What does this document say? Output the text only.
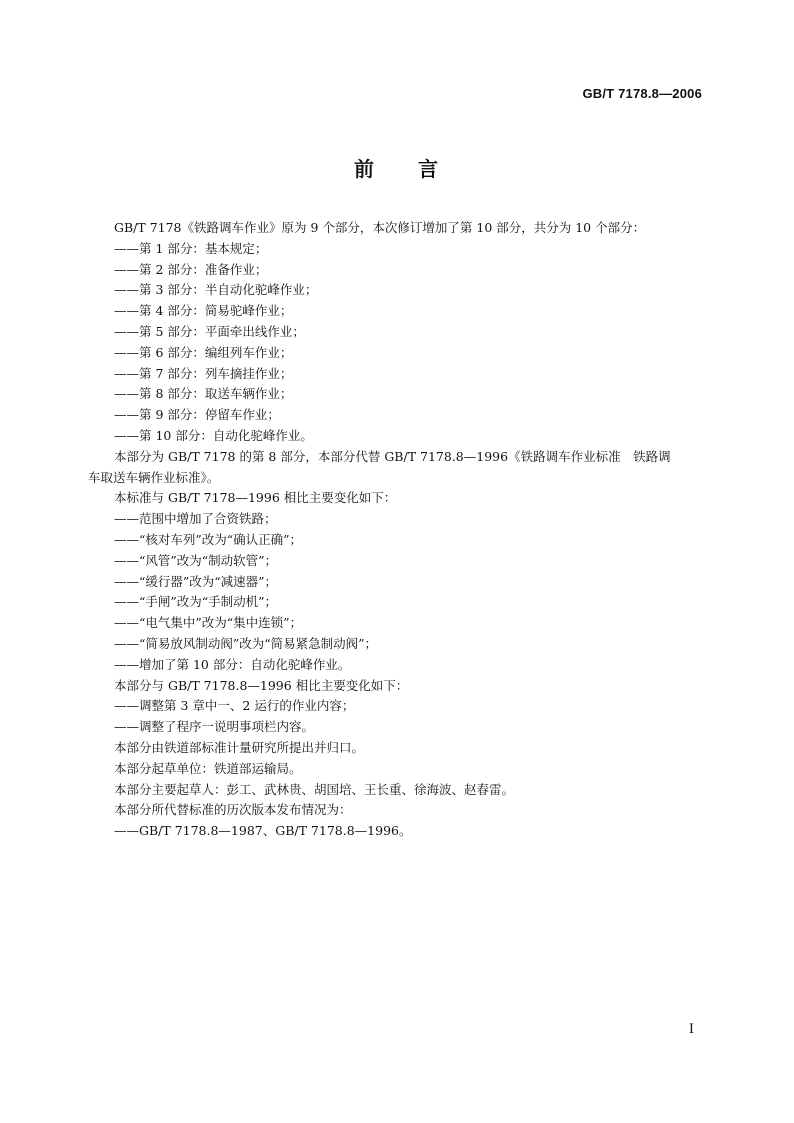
GB/T 7178.8—2006
前 言
GB/T 7178《铁路调车作业》原为 9 个部分，本次修订增加了第 10 部分，共分为 10 个部分：
——第 1 部分：基本规定；
——第 2 部分：准备作业；
——第 3 部分：半自动化驼峰作业；
——第 4 部分：简易驼峰作业；
——第 5 部分：平面牵出线作业；
——第 6 部分：编组列车作业；
——第 7 部分：列车摘挂作业；
——第 8 部分：取送车辆作业；
——第 9 部分：停留车作业；
——第 10 部分：自动化驼峰作业。
本部分为 GB/T 7178 的第 8 部分，本部分代替 GB/T 7178.8—1996《铁路调车作业标准　铁路调
车取送车辆作业标准》。
本标准与 GB/T 7178—1996 相比主要变化如下：
——范围中增加了合资铁路；
——“核对车列”改为“确认正确”；
——“风管”改为“制动软管”；
——“缓行器”改为“减速器”；
——“手闸”改为“手制动机”；
——“电气集中”改为“集中连锁”；
——“简易放风制动阀”改为“简易紧急制动阀”；
——增加了第 10 部分：自动化驼峰作业。
本部分与 GB/T 7178.8—1996 相比主要变化如下：
——调整第 3 章中一、2 运行的作业内容；
——调整了程序一说明事项栏内容。
本部分由铁道部标准计量研究所提出并归口。
本部分起草单位：铁道部运输局。
本部分主要起草人：彭工、武林贵、胡国培、王长重、徐海波、赵春雷。
本部分所代替标准的历次版本发布情况为：
——GB/T 7178.8—1987、GB/T 7178.8—1996。
I
